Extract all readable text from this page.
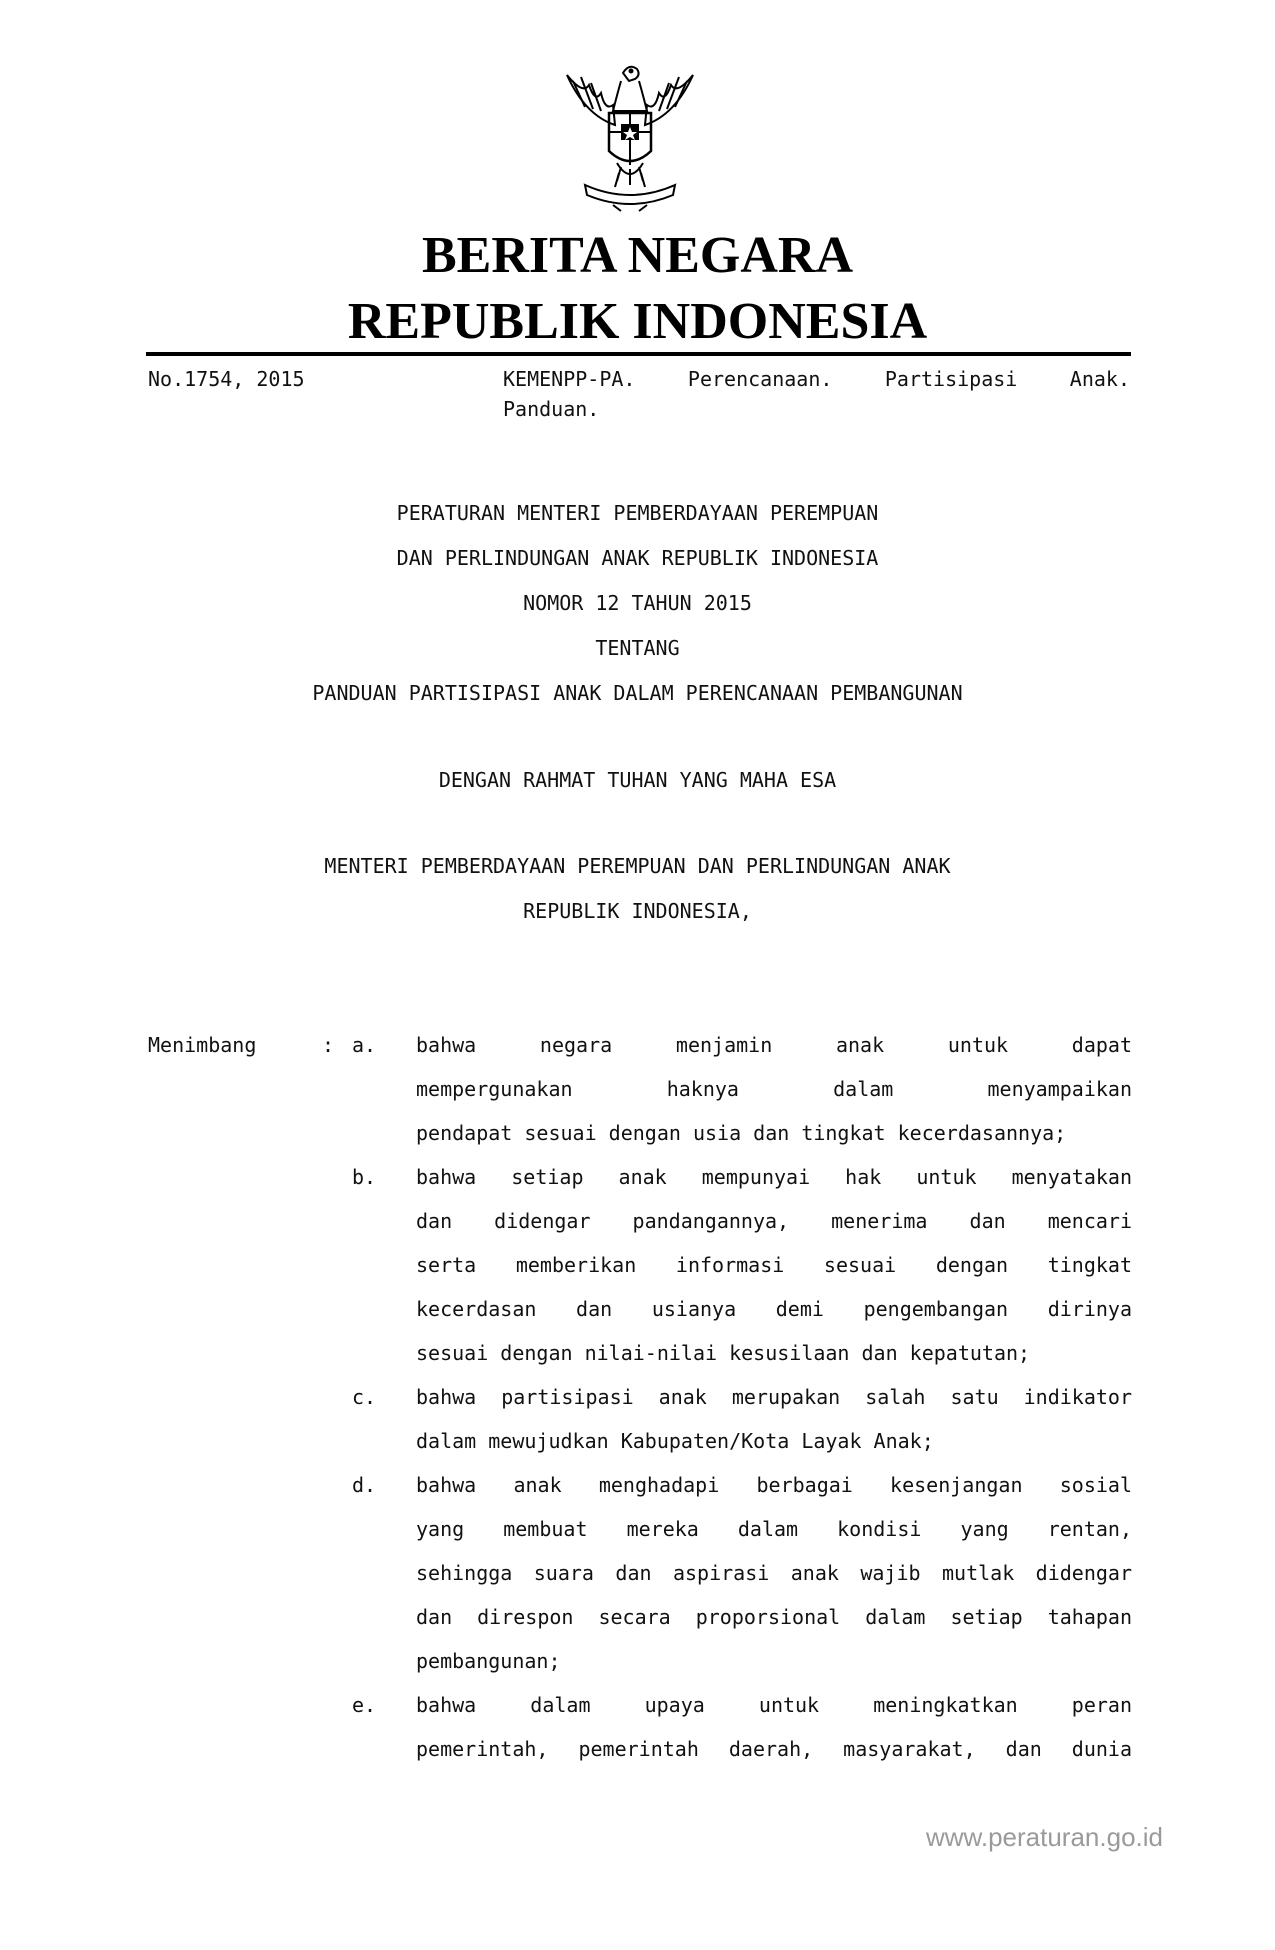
BERITA NEGARA
REPUBLIK INDONESIA
No.1754, 2015	KEMENPP-PA. Perencanaan. Partisipasi Anak.
Panduan.
PERATURAN MENTERI PEMBERDAYAAN PEREMPUAN
DAN PERLINDUNGAN ANAK REPUBLIK INDONESIA
NOMOR 12 TAHUN 2015
TENTANG
PANDUAN PARTISIPASI ANAK DALAM PERENCANAAN PEMBANGUNAN
DENGAN RAHMAT TUHAN YANG MAHA ESA
MENTERI PEMBERDAYAAN PEREMPUAN DAN PERLINDUNGAN ANAK
REPUBLIK INDONESIA,
Menimbang	: a. bahwa negara menjamin anak untuk dapat
mempergunakan haknya dalam menyampaikan
pendapat sesuai dengan usia dan tingkat kecerdasannya;
b. bahwa setiap anak mempunyai hak untuk menyatakan
dan didengar pandangannya, menerima dan mencari
serta memberikan informasi sesuai dengan tingkat
kecerdasan dan usianya demi pengembangan dirinya
sesuai dengan nilai-nilai kesusilaan dan kepatutan;
c. bahwa partisipasi anak merupakan salah satu indikator
dalam mewujudkan Kabupaten/Kota Layak Anak;
d. bahwa anak menghadapi berbagai kesenjangan sosial
yang membuat mereka dalam kondisi yang rentan,
sehingga suara dan aspirasi anak wajib mutlak didengar
dan direspon secara proporsional dalam setiap tahapan
pembangunan;
e. bahwa dalam upaya untuk meningkatkan peran
pemerintah, pemerintah daerah, masyarakat, dan dunia
www.peraturan.go.id
